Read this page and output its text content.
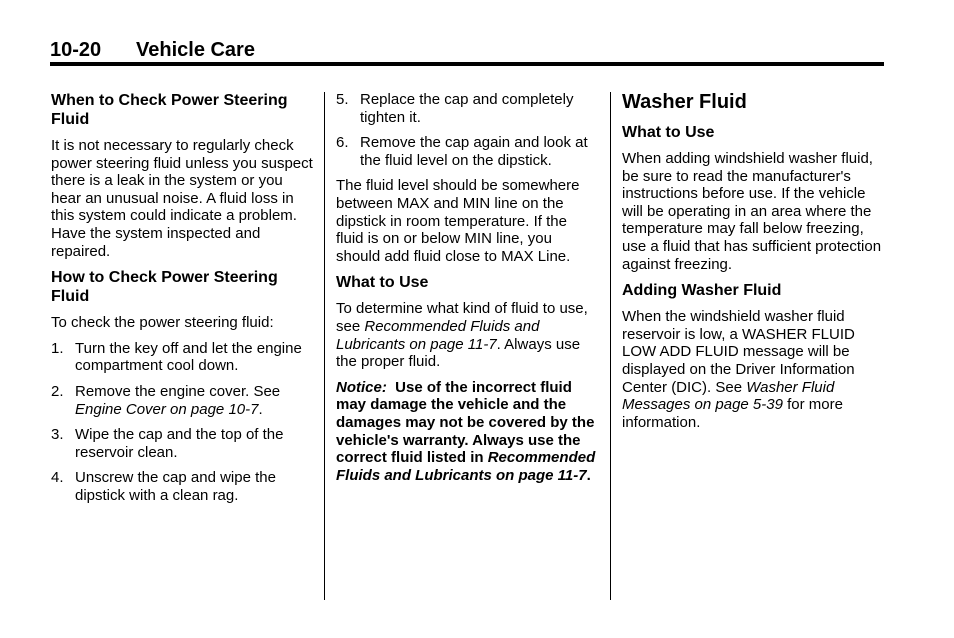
10-20 Vehicle Care
When to Check Power Steering Fluid

It is not necessary to regularly check power steering fluid unless you suspect there is a leak in the system or you hear an unusual noise. A fluid loss in this system could indicate a problem. Have the system inspected and repaired.

How to Check Power Steering Fluid

To check the power steering fluid:

1. Turn the key off and let the engine compartment cool down.
2. Remove the engine cover. See Engine Cover on page 10-7.
3. Wipe the cap and the top of the reservoir clean.
4. Unscrew the cap and wipe the dipstick with a clean rag.
5. Replace the cap and completely tighten it.
6. Remove the cap again and look at the fluid level on the dipstick.

The fluid level should be somewhere between MAX and MIN line on the dipstick in room temperature. If the fluid is on or below MIN line, you should add fluid close to MAX Line.

What to Use

To determine what kind of fluid to use, see Recommended Fluids and Lubricants on page 11-7. Always use the proper fluid.

Notice:  Use of the incorrect fluid may damage the vehicle and the damages may not be covered by the vehicle's warranty. Always use the correct fluid listed in Recommended Fluids and Lubricants on page 11-7.

Washer Fluid
What to Use

When adding windshield washer fluid, be sure to read the manufacturer's instructions before use. If the vehicle will be operating in an area where the temperature may fall below freezing, use a fluid that has sufficient protection against freezing.

Adding Washer Fluid

When the windshield washer fluid reservoir is low, a WASHER FLUID LOW ADD FLUID message will be displayed on the Driver Information Center (DIC). See Washer Fluid Messages on page 5-39 for more information.
